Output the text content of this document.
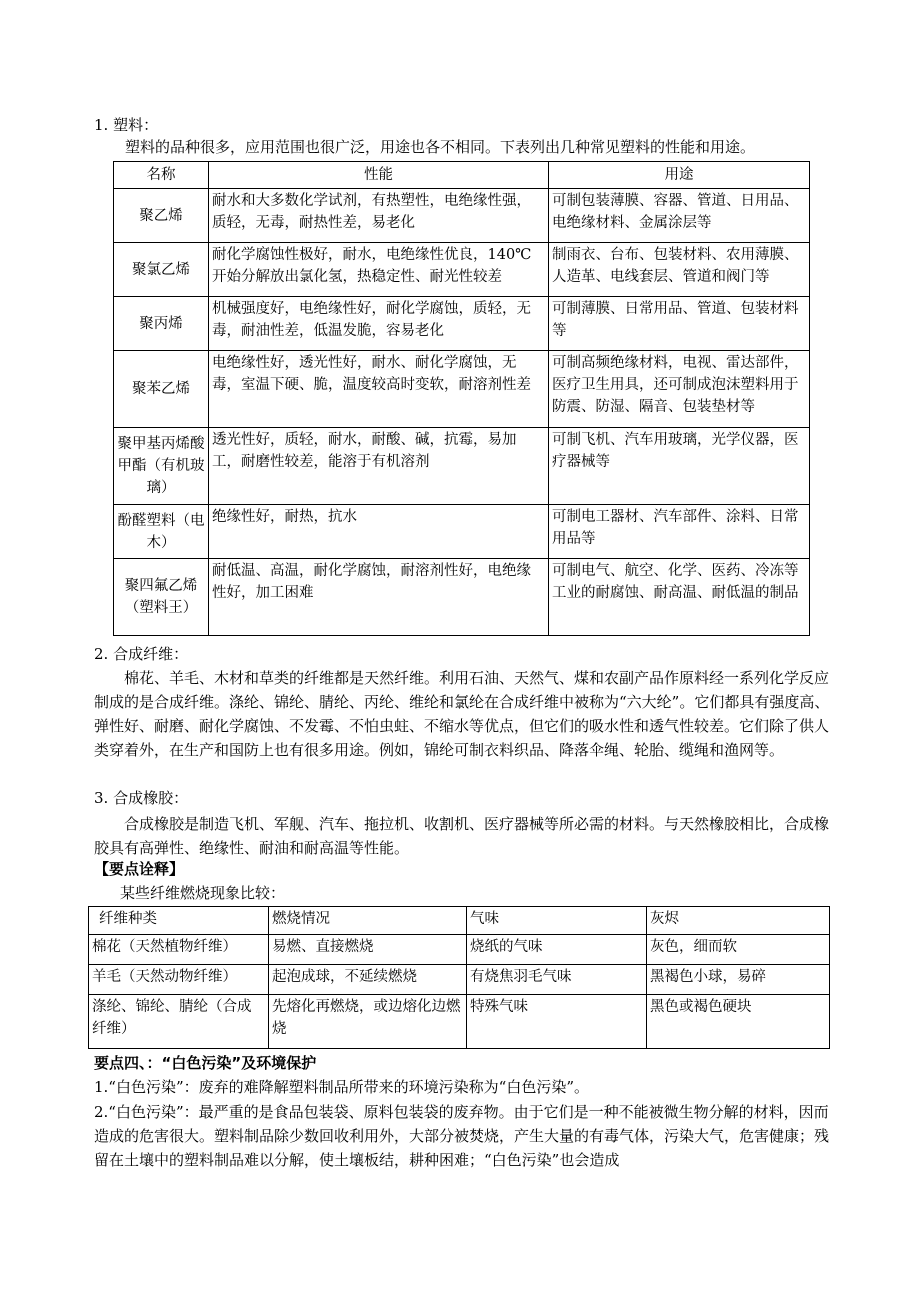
1. 塑料：
塑料的品种很多，应用范围也很广泛，用途也各不相同。下表列出几种常见塑料的性能和用途。
名称	性能	用途
聚乙烯	耐水和大多数化学试剂，有热塑性，电绝缘性强，质轻，无毒，耐热性差，易老化	可制包装薄膜、容器、管道、日用品、电绝缘材料、金属涂层等
聚氯乙烯	耐化学腐蚀性极好，耐水，电绝缘性优良，140℃开始分解放出氯化氢，热稳定性、耐光性较差	制雨衣、台布、包装材料、农用薄膜、人造革、电线套层、管道和阀门等
聚丙烯	机械强度好，电绝缘性好，耐化学腐蚀，质轻，无毒，耐油性差，低温发脆，容易老化	可制薄膜、日常用品、管道、包装材料等
聚苯乙烯	电绝缘性好，透光性好，耐水、耐化学腐蚀，无毒，室温下硬、脆，温度较高时变软，耐溶剂性差	可制高频绝缘材料，电视、雷达部件，医疗卫生用具，还可制成泡沫塑料用于防震、防湿、隔音、包装垫材等
聚甲基丙烯酸甲酯（有机玻璃）	透光性好，质轻，耐水，耐酸、碱，抗霉，易加工，耐磨性较差，能溶于有机溶剂	可制飞机、汽车用玻璃，光学仪器，医疗器械等
酚醛塑料（电木）	绝缘性好，耐热，抗水	可制电工器材、汽车部件、涂料、日常用品等
聚四氟乙烯（塑料王）	耐低温、高温，耐化学腐蚀，耐溶剂性好，电绝缘性好，加工困难	可制电气、航空、化学、医药、冷冻等工业的耐腐蚀、耐高温、耐低温的制品
2. 合成纤维：
棉花、羊毛、木材和草类的纤维都是天然纤维。利用石油、天然气、煤和农副产品作原料经一系列化学反应制成的是合成纤维。涤纶、锦纶、腈纶、丙纶、维纶和氯纶在合成纤维中被称为“六大纶”。它们都具有强度高、弹性好、耐磨、耐化学腐蚀、不发霉、不怕虫蛀、不缩水等优点，但它们的吸水性和透气性较差。它们除了供人类穿着外，在生产和国防上也有很多用途。例如，锦纶可制衣料织品、降落伞绳、轮胎、缆绳和渔网等。
3. 合成橡胶：
合成橡胶是制造飞机、军舰、汽车、拖拉机、收割机、医疗器械等所必需的材料。与天然橡胶相比，合成橡胶具有高弹性、绝缘性、耐油和耐高温等性能。
【要点诠释】
某些纤维燃烧现象比较：
纤维种类	燃烧情况	气味	灰烬
棉花（天然植物纤维）	易燃、直接燃烧	烧纸的气味	灰色，细而软
羊毛（天然动物纤维）	起泡成球，不延续燃烧	有烧焦羽毛气味	黑褐色小球，易碎
涤纶、锦纶、腈纶（合成纤维）	先熔化再燃烧，或边熔化边燃烧	特殊气味	黑色或褐色硬块
要点四、：“白色污染”及环境保护
1.“白色污染”：废弃的难降解塑料制品所带来的环境污染称为“白色污染”。
2.“白色污染”：最严重的是食品包装袋、原料包装袋的废弃物。由于它们是一种不能被微生物分解的材料，因而造成的危害很大。塑料制品除少数回收利用外，大部分被焚烧，产生大量的有毒气体，污染大气，危害健康；残留在土壤中的塑料制品难以分解，使土壤板结，耕种困难；“白色污染”也会造成
